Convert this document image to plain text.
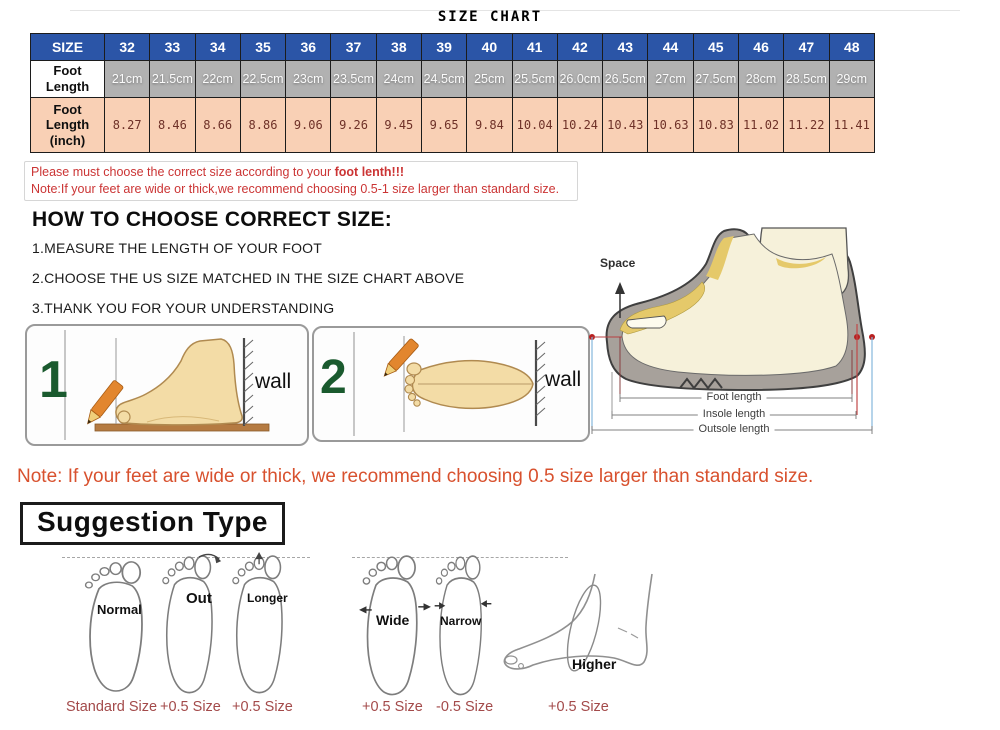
SIZE CHART
SIZE	32	33	34	35	36	37	38	39	40	41	42	43	44	45	46	47	48
Foot Length	21cm	21.5cm	22cm	22.5cm	23cm	23.5cm	24cm	24.5cm	25cm	25.5cm	26.0cm	26.5cm	27cm	27.5cm	28cm	28.5cm	29cm
Foot Length (inch)	8.27	8.46	8.66	8.86	9.06	9.26	9.45	9.65	9.84	10.04	10.24	10.43	10.63	10.83	11.02	11.22	11.41
Please must choose the correct size according to your foot lenth!!!
Note:If your feet are wide or thick,we recommend choosing 0.5-1 size larger than standard size.
HOW TO CHOOSE CORRECT SIZE:
1.MEASURE THE LENGTH OF YOUR FOOT
2.CHOOSE THE US SIZE MATCHED IN THE SIZE CHART ABOVE
3.THANK YOU FOR YOUR UNDERSTANDING
1	wall 2	wall
Space
Foot length
Insole length
Outsole length
Note: If your feet are wide or thick, we recommend choosing 0.5 size larger than standard size.
Suggestion Type
Normal
Out	Longer
Wide	Narrow
Higher
Standard Size +0.5 Size +0.5 Size	+0.5 Size -0.5 Size	+0.5 Size
